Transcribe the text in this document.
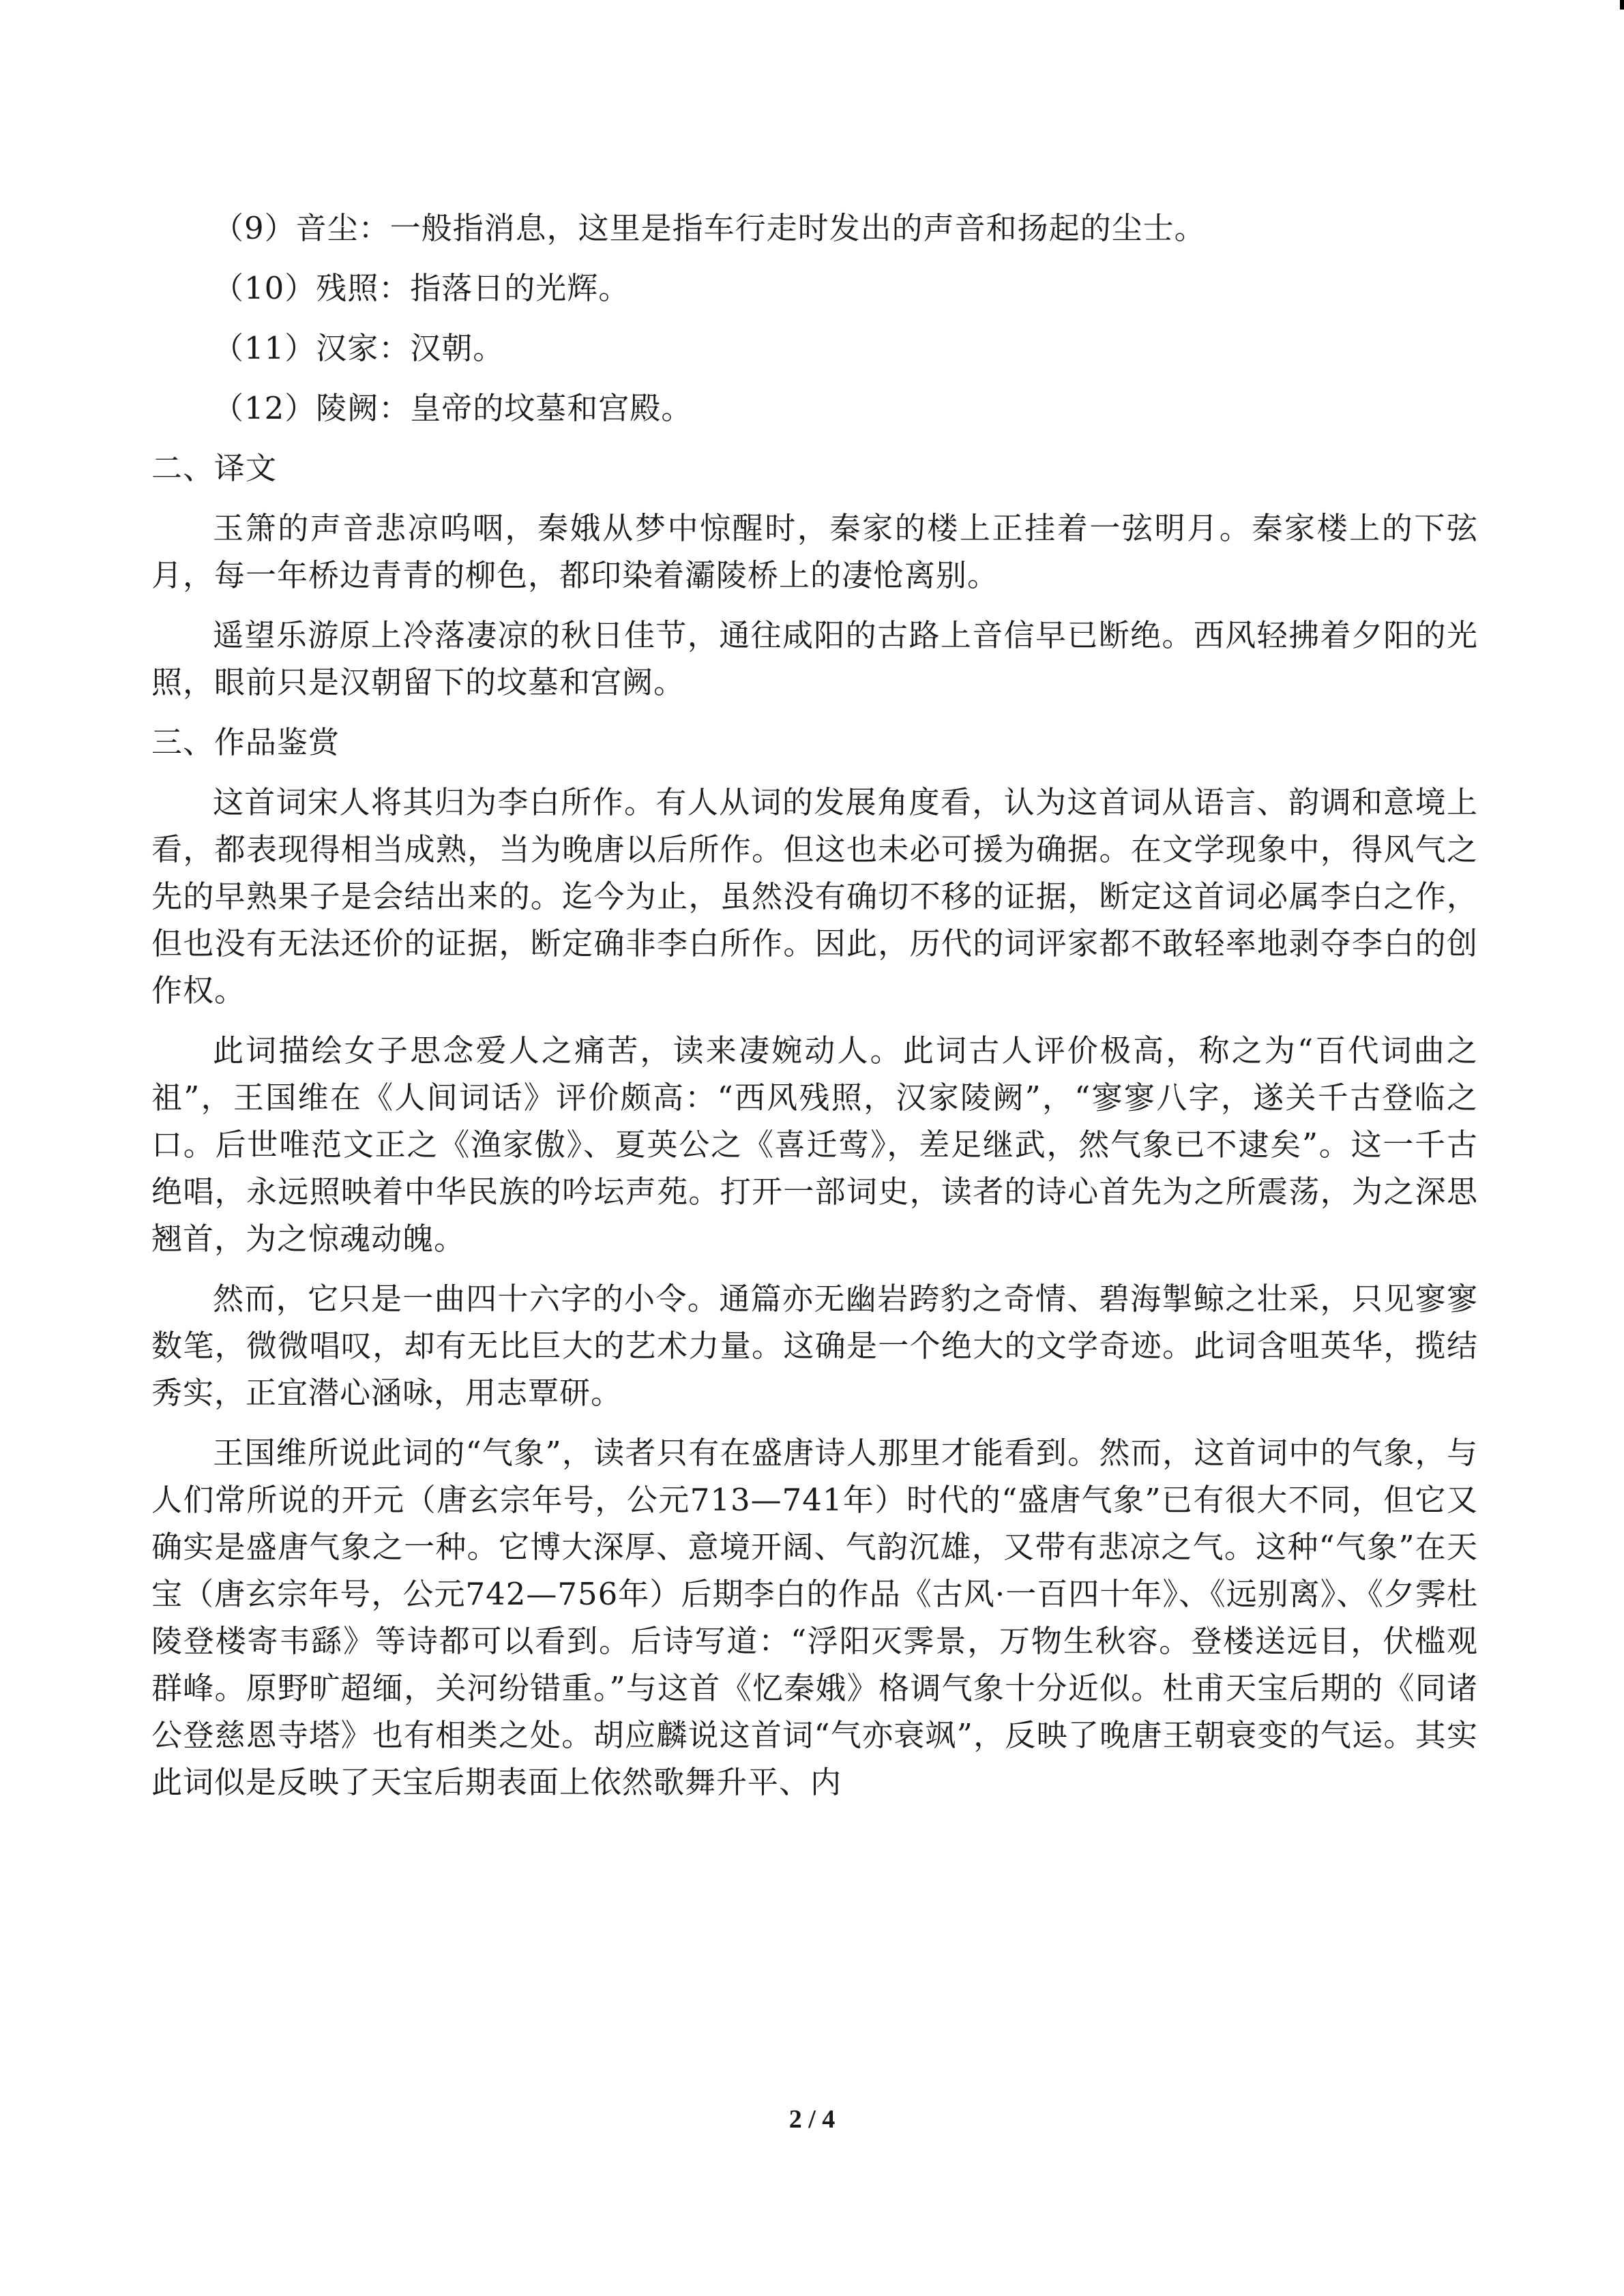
（9）音尘：一般指消息，这里是指车行走时发出的声音和扬起的尘士。

（10）残照：指落日的光辉。

（11）汉家：汉朝。

（12）陵阙：皇帝的坟墓和宫殿。

二、译文

玉箫的声音悲凉呜咽，秦娥从梦中惊醒时，秦家的楼上正挂着一弦明月。秦家楼上的下弦月，每一年桥边青青的柳色，都印染着灞陵桥上的凄怆离别。

遥望乐游原上冷落凄凉的秋日佳节，通往咸阳的古路上音信早已断绝。西风轻拂着夕阳的光照，眼前只是汉朝留下的坟墓和宫阙。

三、作品鉴赏

这首词宋人将其归为李白所作。有人从词的发展角度看，认为这首词从语言、韵调和意境上看，都表现得相当成熟，当为晚唐以后所作。但这也未必可援为确据。在文学现象中，得风气之先的早熟果子是会结出来的。迄今为止，虽然没有确切不移的证据，断定这首词必属李白之作，但也没有无法还价的证据，断定确非李白所作。因此，历代的词评家都不敢轻率地剥夺李白的创作权。

此词描绘女子思念爱人之痛苦，读来凄婉动人。此词古人评价极高，称之为“百代词曲之祖”，王国维在《人间词话》评价颇高：“西风残照，汉家陵阙”，“寥寥八字，遂关千古登临之口。后世唯范文正之《渔家傲》、夏英公之《喜迁莺》，差足继武，然气象已不逮矣”。这一千古绝唱，永远照映着中华民族的吟坛声苑。打开一部词史，读者的诗心首先为之所震荡，为之深思翘首，为之惊魂动魄。

然而，它只是一曲四十六字的小令。通篇亦无幽岩跨豹之奇情、碧海掣鲸之壮采，只见寥寥数笔，微微唱叹，却有无比巨大的艺术力量。这确是一个绝大的文学奇迹。此词含咀英华，揽结秀实，正宜潜心涵咏，用志覃研。

王国维所说此词的“气象”，读者只有在盛唐诗人那里才能看到。然而，这首词中的气象，与人们常所说的开元（唐玄宗年号，公元713—741年）时代的“盛唐气象”已有很大不同，但它又确实是盛唐气象之一种。它博大深厚、意境开阔、气韵沉雄，又带有悲凉之气。这种“气象”在天宝（唐玄宗年号，公元742—756年）后期李白的作品《古风·一百四十年》、《远别离》、《夕霁杜陵登楼寄韦繇》等诗都可以看到。后诗写道：“浮阳灭霁景，万物生秋容。登楼送远目，伏槛观群峰。原野旷超缅，关河纷错重。”与这首《忆秦娥》格调气象十分近似。杜甫天宝后期的《同诸公登慈恩寺塔》也有相类之处。胡应麟说这首词“气亦衰飒”，反映了晚唐王朝衰变的气运。其实此词似是反映了天宝后期表面上依然歌舞升平、内

2 / 4
